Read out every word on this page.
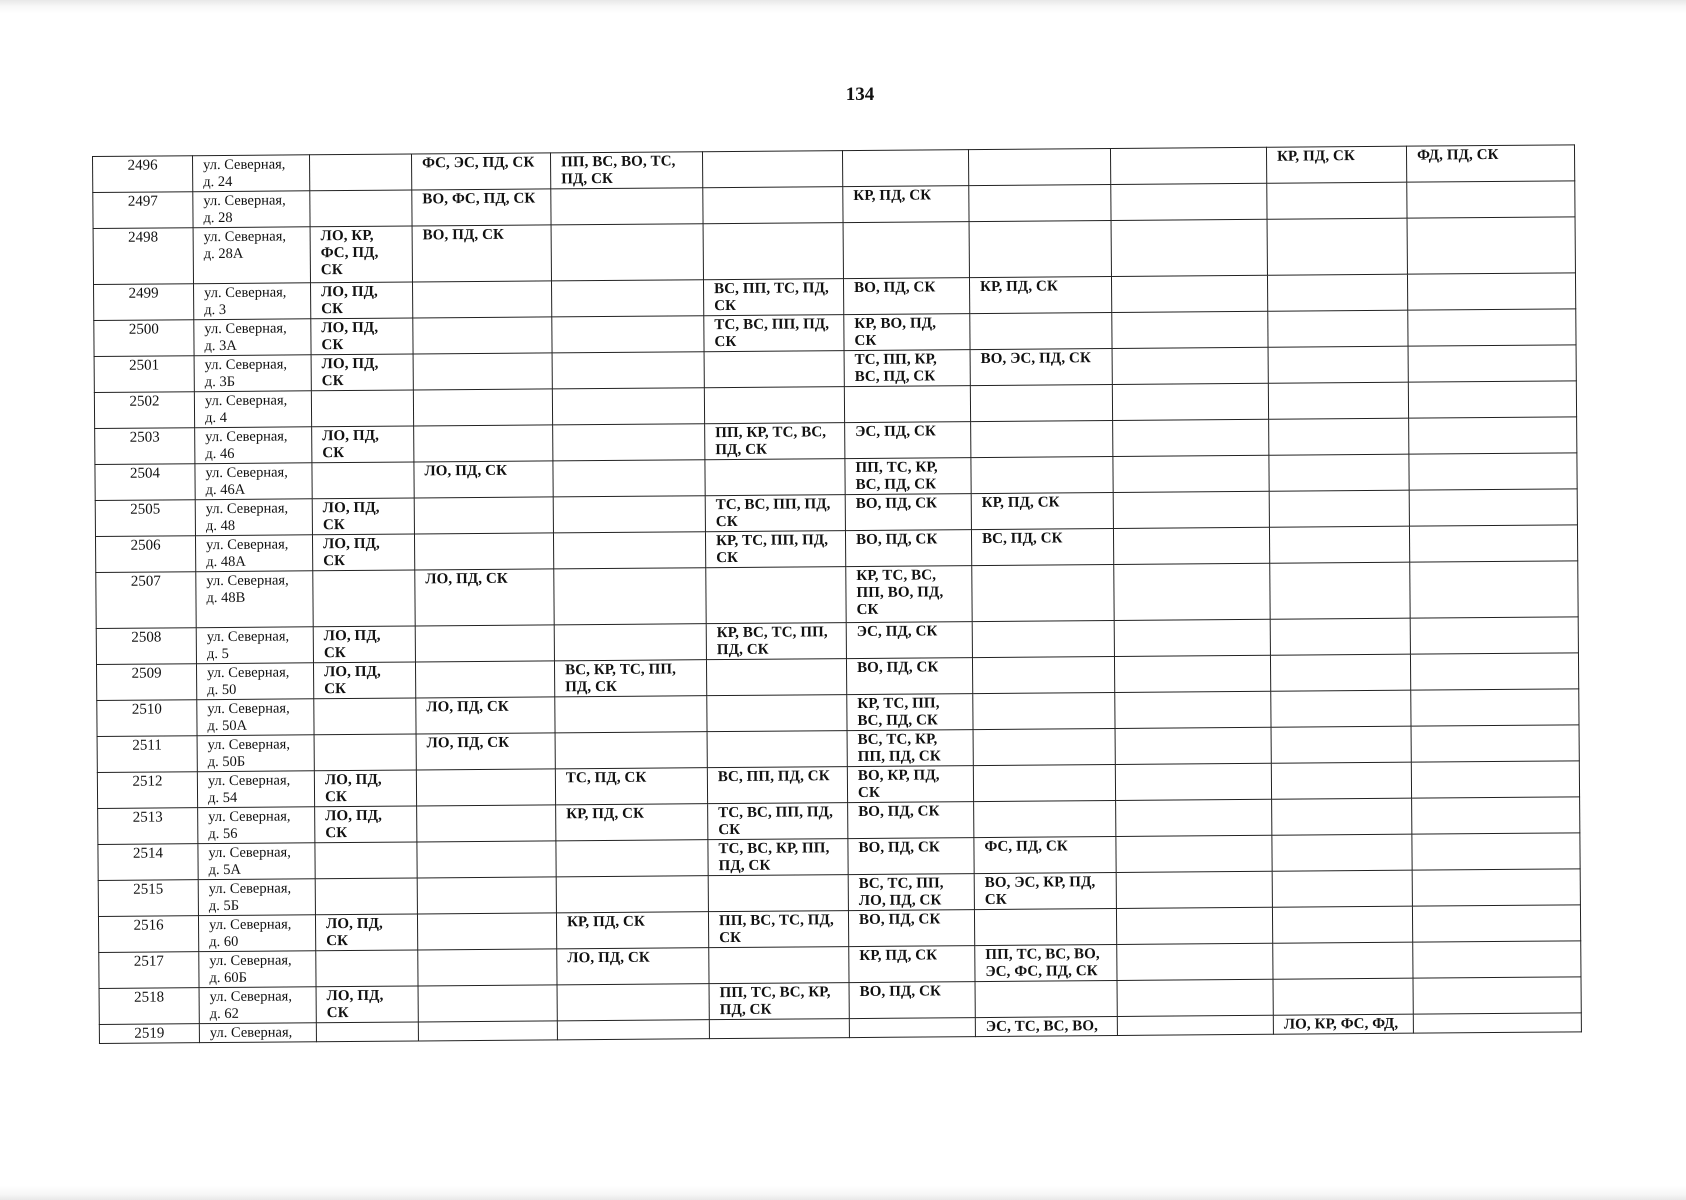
134
2496	ул. Северная,
д. 24		ФС, ЭС, ПД, СК	ПП, ВС, ВО, ТС,
ПД, СК					КР, ПД, СК	ФД, ПД, СК
2497	ул. Северная,
д. 28		ВО, ФС, ПД, СК			КР, ПД, СК				
2498	ул. Северная,
д. 28А	ЛО, КР,
ФС, ПД,
СК	ВО, ПД, СК							
2499	ул. Северная,
д. 3	ЛО, ПД,
СК			ВС, ПП, ТС, ПД,
СК	ВО, ПД, СК	КР, ПД, СК			
2500	ул. Северная,
д. 3А	ЛО, ПД,
СК			ТС, ВС, ПП, ПД,
СК	КР, ВО, ПД,
СК				
2501	ул. Северная,
д. 3Б	ЛО, ПД,
СК				ТС, ПП, КР,
ВС, ПД, СК	ВО, ЭС, ПД, СК			
2502	ул. Северная,
д. 4									
2503	ул. Северная,
д. 46	ЛО, ПД,
СК			ПП, КР, ТС, ВС,
ПД, СК	ЭС, ПД, СК				
2504	ул. Северная,
д. 46А		ЛО, ПД, СК			ПП, ТС, КР,
ВС, ПД, СК				
2505	ул. Северная,
д. 48	ЛО, ПД,
СК			ТС, ВС, ПП, ПД,
СК	ВО, ПД, СК	КР, ПД, СК			
2506	ул. Северная,
д. 48А	ЛО, ПД,
СК			КР, ТС, ПП, ПД,
СК	ВО, ПД, СК	ВС, ПД, СК			
2507	ул. Северная,
д. 48В		ЛО, ПД, СК			КР, ТС, ВС,
ПП, ВО, ПД,
СК				
2508	ул. Северная,
д. 5	ЛО, ПД,
СК			КР, ВС, ТС, ПП,
ПД, СК	ЭС, ПД, СК				
2509	ул. Северная,
д. 50	ЛО, ПД,
СК		ВС, КР, ТС, ПП,
ПД, СК		ВО, ПД, СК				
2510	ул. Северная,
д. 50А		ЛО, ПД, СК			КР, ТС, ПП,
ВС, ПД, СК				
2511	ул. Северная,
д. 50Б		ЛО, ПД, СК			ВС, ТС, КР,
ПП, ПД, СК				
2512	ул. Северная,
д. 54	ЛО, ПД,
СК		ТС, ПД, СК	ВС, ПП, ПД, СК	ВО, КР, ПД,
СК				
2513	ул. Северная,
д. 56	ЛО, ПД,
СК		КР, ПД, СК	ТС, ВС, ПП, ПД,
СК	ВО, ПД, СК				
2514	ул. Северная,
д. 5А				ТС, ВС, КР, ПП,
ПД, СК	ВО, ПД, СК	ФС, ПД, СК			
2515	ул. Северная,
д. 5Б					ВС, ТС, ПП,
ЛО, ПД, СК	ВО, ЭС, КР, ПД,
СК			
2516	ул. Северная,
д. 60	ЛО, ПД,
СК		КР, ПД, СК	ПП, ВС, ТС, ПД,
СК	ВО, ПД, СК				
2517	ул. Северная,
д. 60Б			ЛО, ПД, СК		КР, ПД, СК	ПП, ТС, ВС, ВО,
ЭС, ФС, ПД, СК			
2518	ул. Северная,
д. 62	ЛО, ПД,
СК			ПП, ТС, ВС, КР,
ПД, СК	ВО, ПД, СК				
2519	ул. Северная,						ЭС, ТС, ВС, ВО,		ЛО, КР, ФС, ФД,	
